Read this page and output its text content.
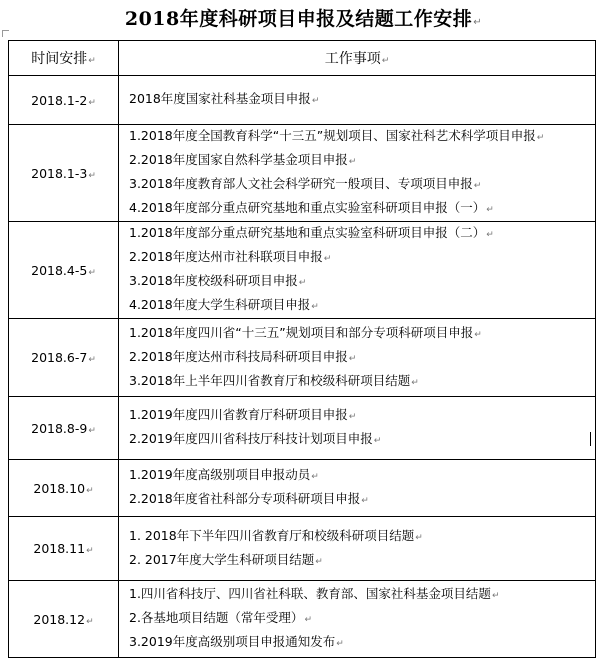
2018年度科研项目申报及结题工作安排↵
时间安排↵	工作事项↵
2018.1-2↵	2018年度国家社科基金项目申报↵

2018.1-3↵	1.2018年度全国教育科学“十三五”规划项目、国家社科艺术科学项目申报↵
2.2018年度国家自然科学基金项目申报↵
3.2018年度教育部人文社会科学研究一般项目、专项项目申报↵
4.2018年度部分重点研究基地和重点实验室科研项目申报（一）↵

2018.4-5↵	1.2018年度部分重点研究基地和重点实验室科研项目申报（二）↵
2.2018年度达州市社科联项目申报↵
3.2018年度校级科研项目申报↵
4.2018年度大学生科研项目申报↵

2018.6-7↵	1.2018年度四川省“十三五”规划项目和部分专项科研项目申报↵
2.2018年度达州市科技局科研项目申报↵
3.2018年上半年四川省教育厅和校级科研项目结题↵

2018.8-9↵	1.2019年度四川省教育厅科研项目申报↵
2.2019年度四川省科技厅科技计划项目申报↵

2018.10↵	1.2019年度高级别项目申报动员↵
2.2018年度省社科部分专项科研项目申报↵

2018.11↵	1. 2018年下半年四川省教育厅和校级科研项目结题↵
2. 2017年度大学生科研项目结题↵

2018.12↵	1.四川省科技厅、四川省社科联、教育部、国家社科基金项目结题↵
2.各基地项目结题（常年受理）↵
3.2019年度高级别项目申报通知发布↵
